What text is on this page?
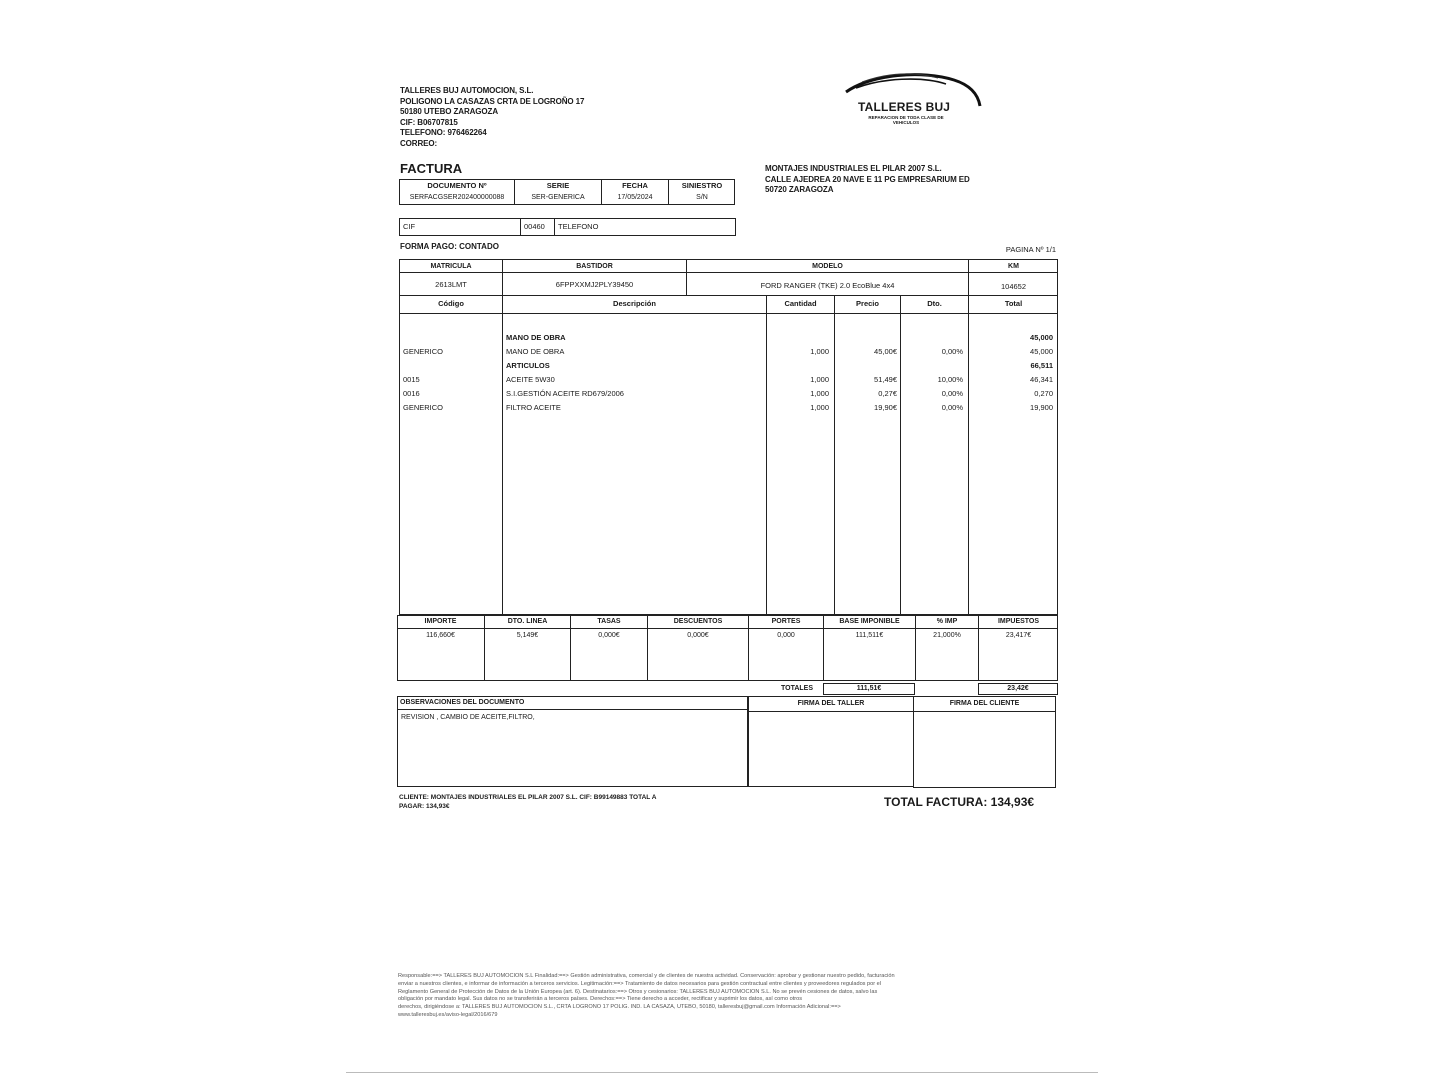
TALLERES BUJ AUTOMOCION, S.L.
POLIGONO LA CASAZAS CRTA DE LOGROÑO 17
50180 UTEBO ZARAGOZA
CIF: B06707815
TELEFONO: 976462264
CORREO:
TALLERES BUJ
REPARACION DE TODA CLASE DE
VEHICULOS
FACTURA
DOCUMENTO Nº	SERIE	FECHA	SINIESTRO
SERFACGSER202400000088	SER-GENERICA	17/05/2024	S/N
MONTAJES INDUSTRIALES EL PILAR 2007 S.L.
CALLE AJEDREA 20 NAVE E 11 PG EMPRESARIUM ED
50720 ZARAGOZA
CIF	00460 TELEFONO
FORMA PAGO: CONTADO	PAGINA Nº 1/1
MATRICULA	BASTIDOR	MODELO	KM
2613LMT	6FPPXXMJ2PLY39450	FORD RANGER (TKE) 2.0 EcoBlue 4x4	104652
Código	Descripción	Cantidad	Precio	Dto.	Total
MANO DE OBRA	45,000
GENERICO	MANO DE OBRA	1,000	45,00€	0,00%	45,000
ARTICULOS	66,511
0015	ACEITE 5W30	1,000	51,49€	10,00%	46,341
0016	S.I.GESTIÓN ACEITE RD679/2006	1,000	0,27€	0,00%	0,270
GENERICO	FILTRO ACEITE	1,000	19,90€	0,00%	19,900
IMPORTE	DTO. LINEA	TASAS	DESCUENTOS	PORTES	BASE IMPONIBLE	% IMP	IMPUESTOS
116,660€	5,149€	0,000€	0,000€	0,000	111,511€	21,000%	23,417€
TOTALES	111,51€	23,42€
OBSERVACIONES DEL DOCUMENTO
REVISION , CAMBIO DE ACEITE,FILTRO,
FIRMA DEL TALLER	FIRMA DEL CLIENTE
CLIENTE: MONTAJES INDUSTRIALES EL PILAR 2007 S.L. CIF: B99149883 TOTAL A
PAGAR: 134,93€	TOTAL FACTURA: 134,93€
Responsable:==> TALLERES BUJ AUTOMOCION S.L Finalidad:==> Gestión administrativa, comercial y de clientes de nuestra actividad. Conservación: aprobar y gestionar nuestro pedido, facturación
enviar a nuestros clientes, e informar de información a terceros servicios. Legitimación:==> Tratamiento de datos necesarios para gestión contractual entre clientes y proveedores regulados por el
Reglamento General de Protección de Datos de la Unión Europea (art. 6). Destinatarios:==> Otros y cesionarios: TALLERES BUJ AUTOMOCION S.L. No se prevén cesiones de datos, salvo las
obligación por mandato legal. Sus datos no se transferirán a terceros países. Derechos:==> Tiene derecho a acceder, rectificar y suprimir los datos, así como otros
derechos, dirigiéndose a: TALLERES BUJ AUTOMOCION S.L., CRTA LOGROÑO 17 POLIG. IND. LA CASAZA, UTEBO, 50180, talleresbuj@gmail.com Información Adicional:==>
www.talleresbuj.es/aviso-legal/2016/679
